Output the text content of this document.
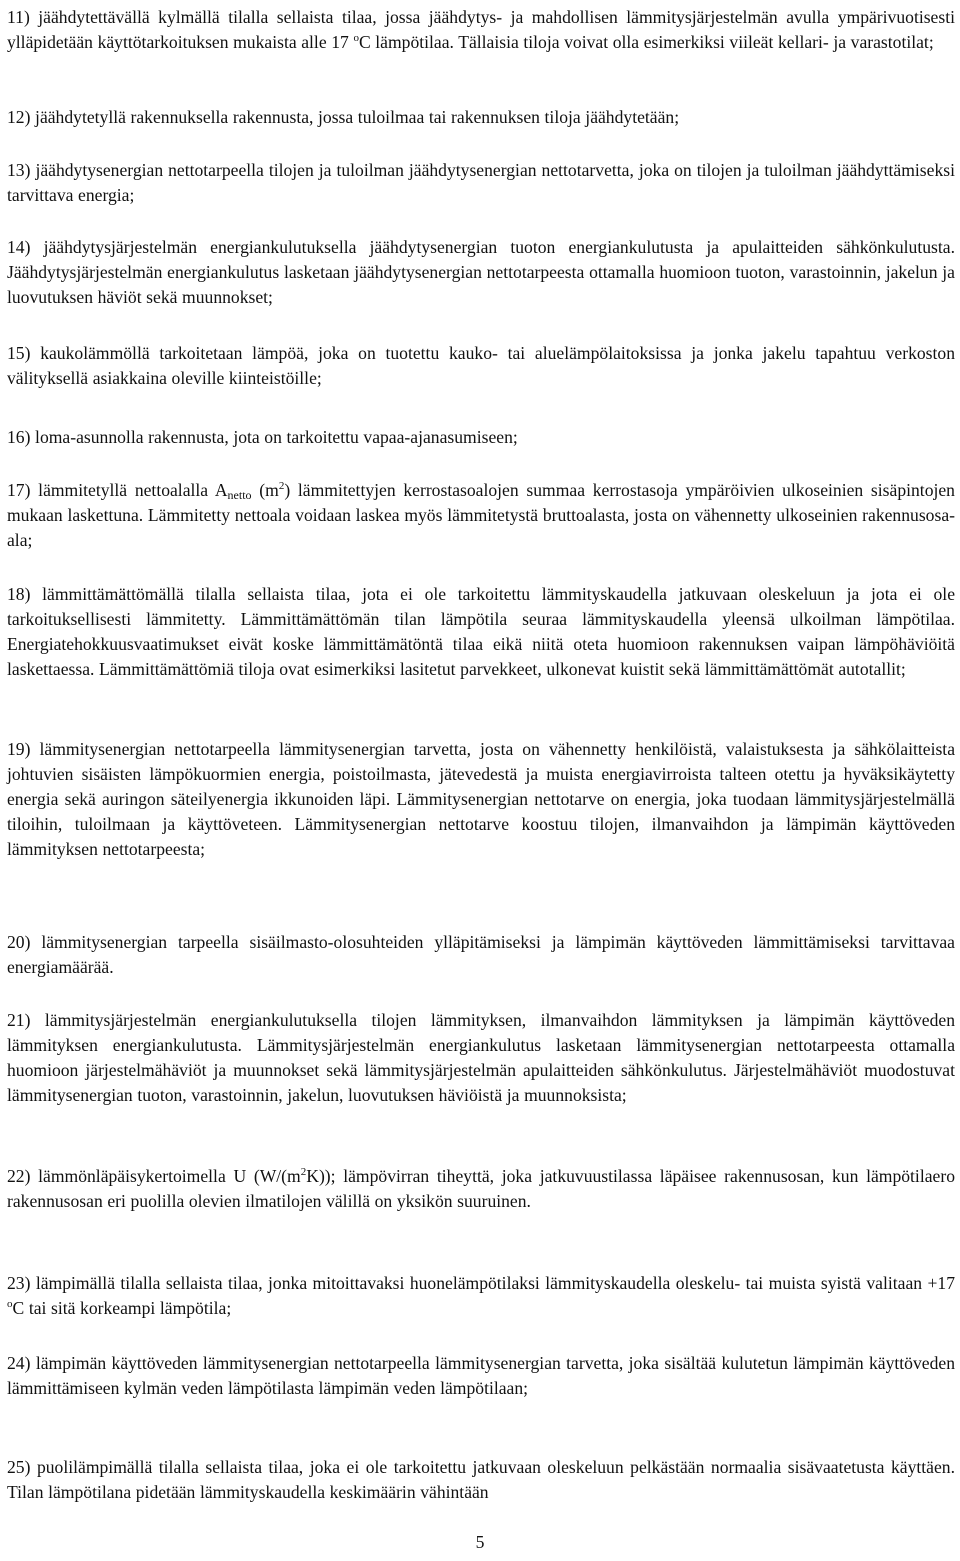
11) jäähdytettävällä kylmällä tilalla sellaista tilaa, jossa jäähdytys- ja mahdollisen lämmitysjärjestelmän avulla ympärivuotisesti ylläpidetään käyttötarkoituksen mukaista alle 17 $^o$C lämpötilaa. Tällaisia tiloja voivat olla esimerkiksi viileät kellari- ja varastotilat;

12) jäähdytetyllä rakennuksella rakennusta, jossa tuloilmaa tai rakennuksen tiloja jäähdytetään;

13) jäähdytysenergian nettotarpeella tilojen ja tuloilman jäähdytysenergian nettotarvetta, joka on tilojen ja tuloilman jäähdyttämiseksi tarvittava energia;

14) jäähdytysjärjestelmän energiankulutuksella jäähdytysenergian tuoton energiankulutusta ja apulaitteiden sähkönkulutusta. Jäähdytysjärjestelmän energiankulutus lasketaan jäähdytysenergian nettotarpeesta ottamalla huomioon tuoton, varastoinnin, jakelun ja luovutuksen häviöt sekä muunnokset;

15) kaukolämmöllä tarkoitetaan lämpöä, joka on tuotettu kauko- tai aluelämpölaitoksissa ja jonka jakelu tapahtuu verkoston välityksellä asiakkaina oleville kiinteistöille;

16) loma-asunnolla rakennusta, jota on tarkoitettu vapaa-ajanasumiseen;

17) lämmitetyllä nettoalalla $A_{netto}$ $(m^2)$ lämmitettyjen kerrostasoalojen summaa kerrostasoja ympäröivien ulkoseinien sisäpintojen mukaan laskettuna. Lämmitetty nettoala voidaan laskea myös lämmitetystä bruttoalasta, josta on vähennetty ulkoseinien rakennusosa-ala;

18) lämmittämättömällä tilalla sellaista tilaa, jota ei ole tarkoitettu lämmityskaudella jatkuvaan oleskeluun ja jota ei ole tarkoituksellisesti lämmitetty. Lämmittämättömän tilan lämpötila seuraa lämmityskaudella yleensä ulkoilman lämpötilaa. Energiatehokkuusvaatimukset eivät koske lämmittämätöntä tilaa eikä niitä oteta huomioon rakennuksen vaipan lämpöhäviöitä laskettaessa. Lämmittämättömiä tiloja ovat esimerkiksi lasitetut parvekkeet, ulkonevat kuistit sekä lämmittämättömät autotallit;

19) lämmitysenergian nettotarpeella lämmitysenergian tarvetta, josta on vähennetty henkilöistä, valaistuksesta ja sähkölaitteista johtuvien sisäisten lämpökuormien energia, poistoilmasta, jätevedestä ja muista energiavirroista talteen otettu ja hyväksikäytetty energia sekä auringon säteilyenergia ikkunoiden läpi. Lämmitysenergian nettotarve on energia, joka tuodaan lämmitysjärjestelmällä tiloihin, tuloilmaan ja käyttöveteen. Lämmitysenergian nettotarve koostuu tilojen, ilmanvaihdon ja lämpimän käyttöveden lämmityksen nettotarpeesta;

20) lämmitysenergian tarpeella sisäilmasto-olosuhteiden ylläpitämiseksi ja lämpimän käyttöveden lämmittämiseksi tarvittavaa energiamäärää.

21) lämmitysjärjestelmän energiankulutuksella tilojen lämmityksen, ilmanvaihdon lämmityksen ja lämpimän käyttöveden lämmityksen energiankulutusta. Lämmitysjärjestelmän energiankulutus lasketaan lämmitysenergian nettotarpeesta ottamalla huomioon järjestelmähäviöt ja muunnokset sekä lämmitysjärjestelmän apulaitteiden sähkönkulutus. Järjestelmähäviöt muodostuvat lämmitysenergian tuoton, varastoinnin, jakelun, luovutuksen häviöistä ja muunnoksista;

22) lämmönläpäisykertoimella U $(W/(m^2K))$; lämpövirran tiheyttä, joka jatkuvuustilassa läpäisee rakennusosan, kun lämpötilaero rakennusosan eri puolilla olevien ilmatilojen välillä on yksikön suuruinen.

23) lämpimällä tilalla sellaista tilaa, jonka mitoittavaksi huonelämpötilaksi lämmityskaudella oleskelu- tai muista syistä valitaan +17 $^o$C tai sitä korkeampi lämpötila;

24) lämpimän käyttöveden lämmitysenergian nettotarpeella lämmitysenergian tarvetta, joka sisältää kulutetun lämpimän käyttöveden lämmittämiseen kylmän veden lämpötilasta lämpimän veden lämpötilaan;

25) puolilämpimällä tilalla sellaista tilaa, joka ei ole tarkoitettu jatkuvaan oleskeluun pelkästään normaalia sisävaatetusta käyttäen. Tilan lämpötilana pidetään lämmityskaudella keskimäärin vähintään

5
